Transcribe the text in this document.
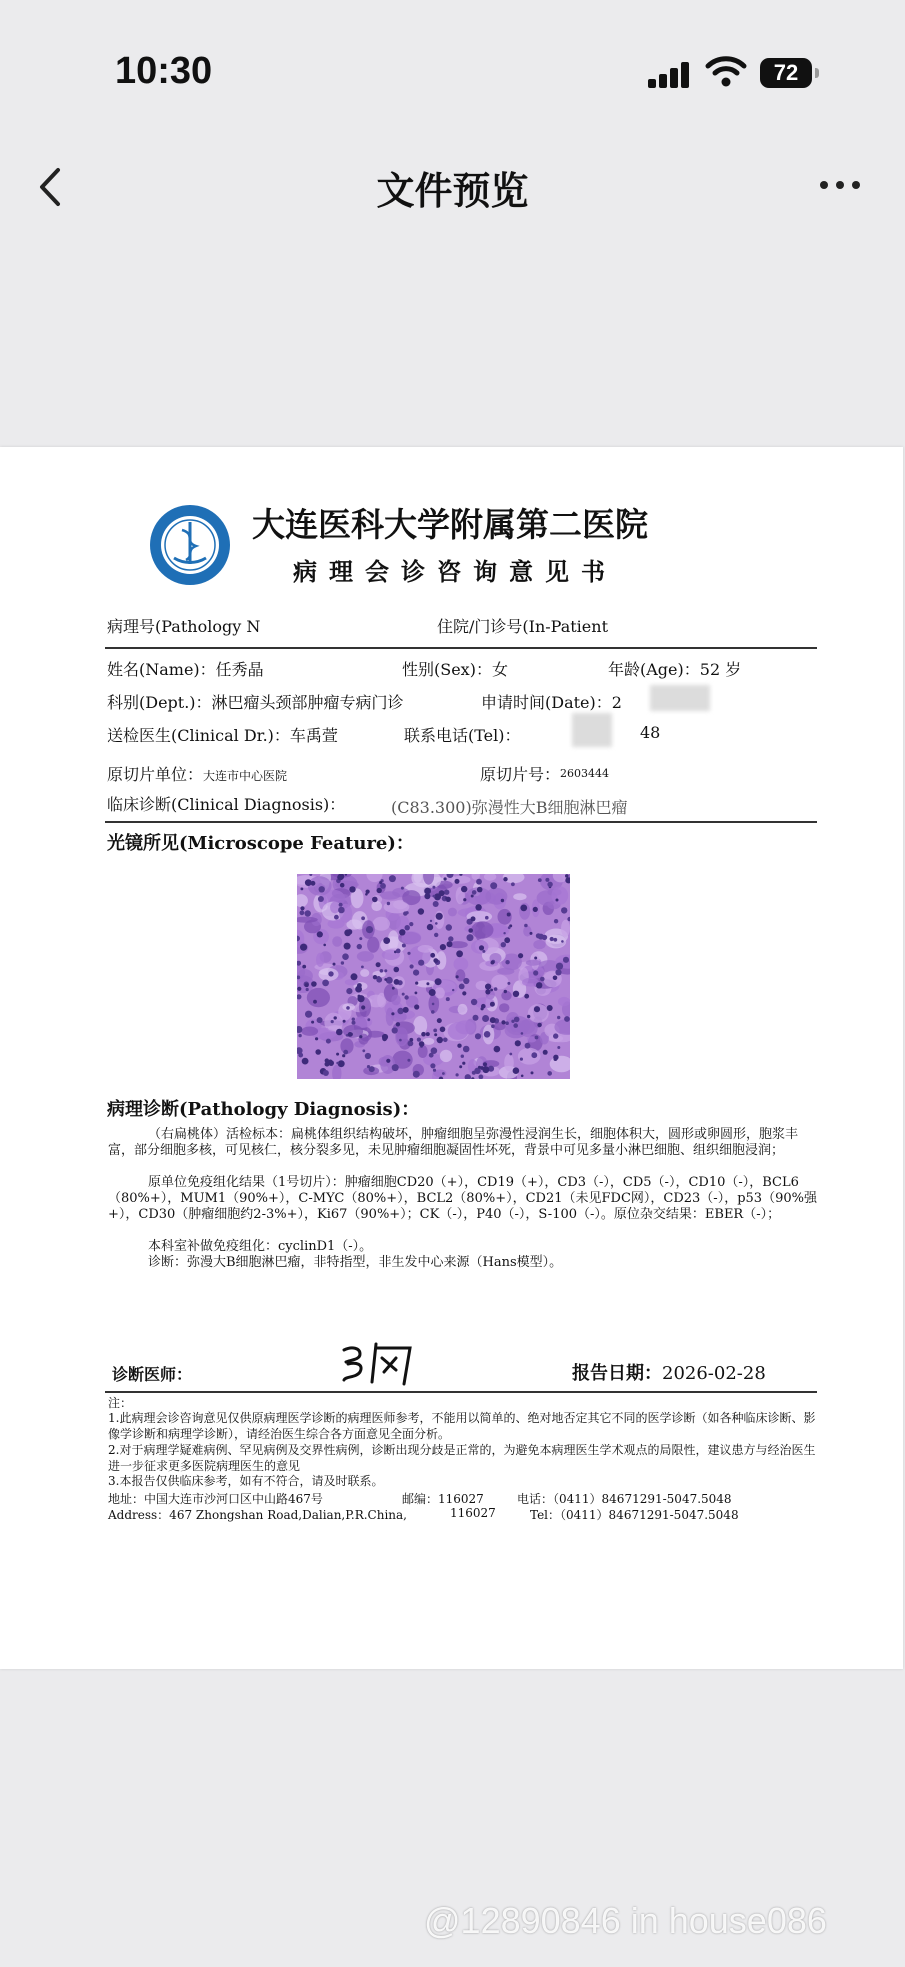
10:30	72
文件预览
大连医科大学附属第二医院
病理会诊咨询意见书
病理号(Pathology N	住院/门诊号(In-Patient
姓名(Name)：任秀晶	性别(Sex)：女	年龄(Age)：52 岁
科别(Dept.)：淋巴瘤头颈部肿瘤专病门诊	申请时间(Date)：2
送检医生(Clinical Dr.)：车禹萱	联系电话(Tel)：	48
原切片单位：大连市中心医院	原切片号：2603444
临床诊断(Clinical Diagnosis)：	(C83.300)弥漫性大B细胞淋巴瘤
光镜所见(Microscope Feature)：
病理诊断(Pathology Diagnosis)：
（右扁桃体）活检标本：扁桃体组织结构破坏，肿瘤细胞呈弥漫性浸润生长，细胞体积大，圆形或卵圆形，胞浆丰富，部分细胞多核，可见核仁，核分裂多见，未见肿瘤细胞凝固性坏死，背景中可见多量小淋巴细胞、组织细胞浸润；
原单位免疫组化结果（1号切片）：肿瘤细胞CD20（+），CD19（+），CD3（-），CD5（-），CD10（-），BCL6（80%+），MUM1（90%+），C-MYC（80%+），BCL2（80%+），CD21（未见FDC网），CD23（-），p53（90%强+），CD30（肿瘤细胞约2-3%+），Ki67（90%+）；CK（-），P40（-），S-100（-）。原位杂交结果：EBER（-）；
本科室补做免疫组化：cyclinD1（-）。
诊断：弥漫大B细胞淋巴瘤，非特指型，非生发中心来源（Hans模型）。
诊断医师：	报告日期：2026-02-28
注：
1.此病理会诊咨询意见仅供原病理医学诊断的病理医师参考，不能用以简单的、绝对地否定其它不同的医学诊断（如各种临床诊断、影像学诊断和病理学诊断），请经治医生综合各方面意见全面分析。
2.对于病理学疑难病例、罕见病例及交界性病例，诊断出现分歧是正常的，为避免本病理医生学术观点的局限性，建议患方与经治医生进一步征求更多医院病理医生的意见
3.本报告仅供临床参考，如有不符合，请及时联系。
地址：中国大连市沙河口区中山路467号	邮编：116027	电话：（0411）84671291-5047.5048
Address：467 Zhongshan Road,Dalian,P.R.China,	116027	Tel：（0411）84671291-5047.5048
@12890846 in house086
